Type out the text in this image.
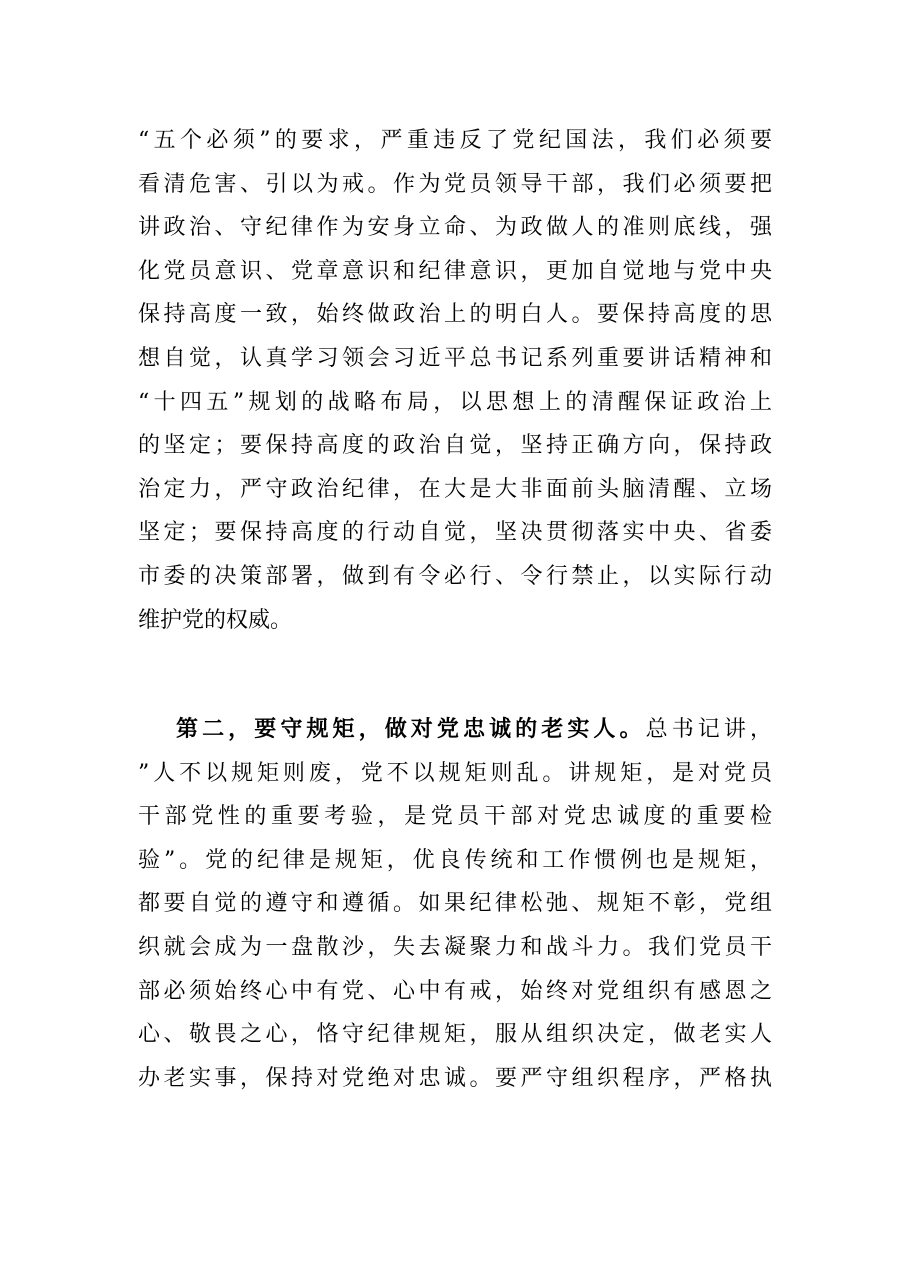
“五个必须”的要求，严重违反了党纪国法，我们必须要
看清危害、引以为戒。作为党员领导干部，我们必须要把
讲政治、守纪律作为安身立命、为政做人的准则底线，强
化党员意识、党章意识和纪律意识，更加自觉地与党中央
保持高度一致，始终做政治上的明白人。要保持高度的思
想自觉，认真学习领会习近平总书记系列重要讲话精神和
“十四五”规划的战略布局，以思想上的清醒保证政治上
的坚定；要保持高度的政治自觉，坚持正确方向，保持政
治定力，严守政治纪律，在大是大非面前头脑清醒、立场
坚定；要保持高度的行动自觉，坚决贯彻落实中央、省委
市委的决策部署，做到有令必行、令行禁止，以实际行动
维护党的权威。
第二，要守规矩，做对党忠诚的老实人。总书记讲，
”人不以规矩则废，党不以规矩则乱。讲规矩，是对党员
干部党性的重要考验，是党员干部对党忠诚度的重要检
验”。党的纪律是规矩，优良传统和工作惯例也是规矩，
都要自觉的遵守和遵循。如果纪律松弛、规矩不彰，党组
织就会成为一盘散沙，失去凝聚力和战斗力。我们党员干
部必须始终心中有党、心中有戒，始终对党组织有感恩之
心、敬畏之心，恪守纪律规矩，服从组织决定，做老实人
办老实事，保持对党绝对忠诚。要严守组织程序，严格执
